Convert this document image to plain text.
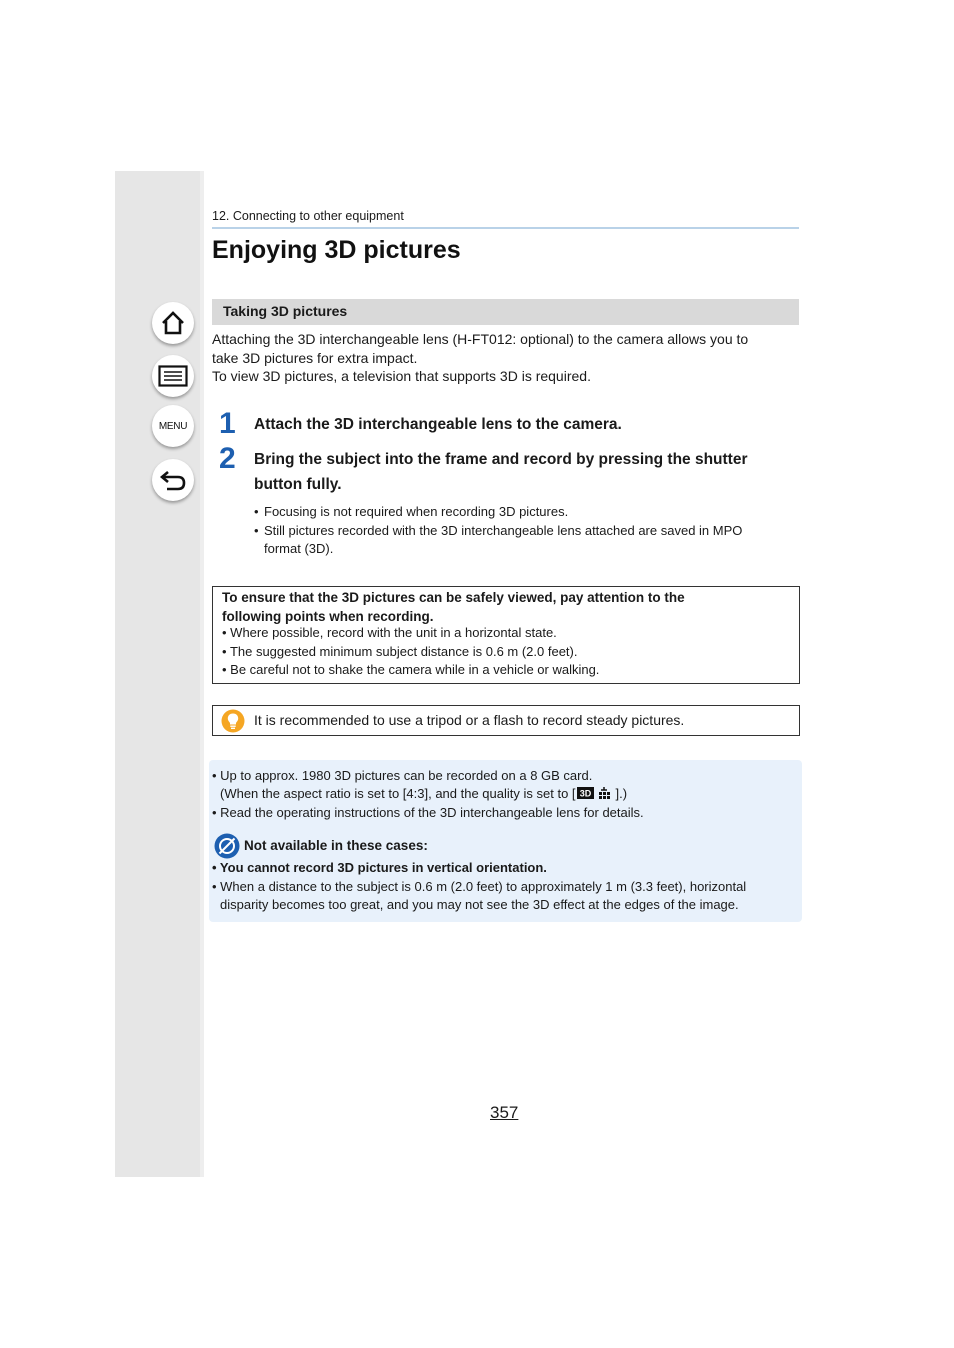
MENU
12. Connecting to other equipment
Enjoying 3D pictures
Taking 3D pictures

Attaching the 3D interchangeable lens (H-FT012: optional) to the camera allows you to

take 3D pictures for extra impact.

To view 3D pictures, a television that supports 3D is required.

1 Attach the 3D interchangeable lens to the camera.
2 Bring the subject into the frame and record by pressing the shutter
button fully.
• Focusing is not required when recording 3D pictures.
• Still pictures recorded with the 3D interchangeable lens attached are saved in MPO
format (3D).
To ensure that the 3D pictures can be safely viewed, pay attention to the
following points when recording.
• Where possible, record with the unit in a horizontal state.
• The suggested minimum subject distance is 0.6 m (2.0 feet).
• Be careful not to shake the camera while in a vehicle or walking.
It is recommended to use a tripod or a flash to record steady pictures.
• Up to approx. 1980 3D pictures can be recorded on a 8 GB card.
(When the aspect ratio is set to [4:3], and the quality is set to [ 3D ].)
• Read the operating instructions of the 3D interchangeable lens for details.
Not available in these cases:
• You cannot record 3D pictures in vertical orientation.
• When a distance to the subject is 0.6 m (2.0 feet) to approximately 1 m (3.3 feet), horizontal
disparity becomes too great, and you may not see the 3D effect at the edges of the image.
357
